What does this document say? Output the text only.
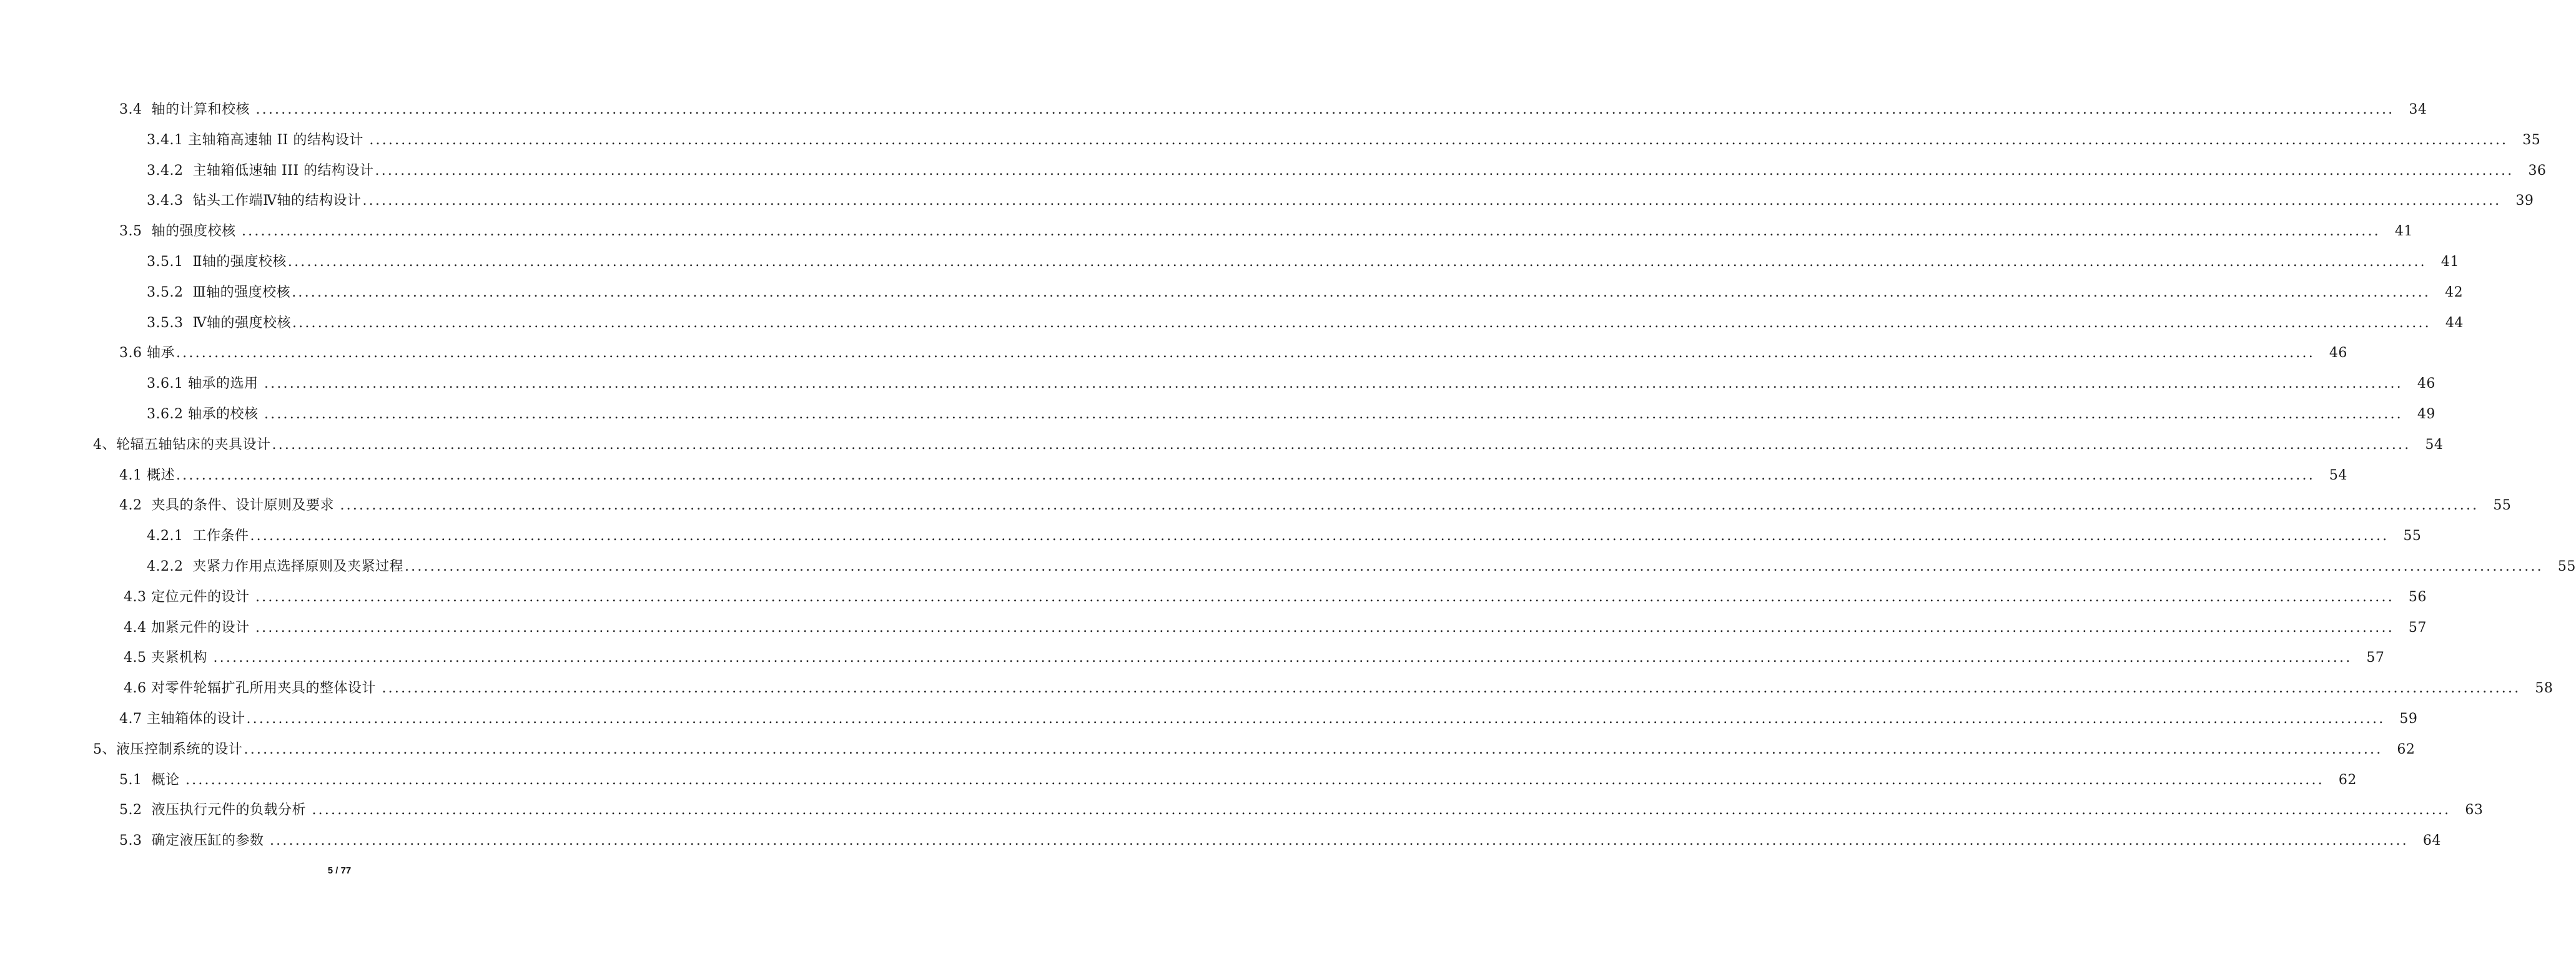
3.4  轴的计算和校核 ................................................................................................................................................................................................................................................................................................................................................	34
3.4.1 主轴箱高速轴 II 的结构设计 ................................................................................................................................................................................................................................................................................................................................................	35
3.4.2  主轴箱低速轴 III 的结构设计 ................................................................................................................................................................................................................................................................................................................................................	36
3.4.3  钻头工作端Ⅳ轴的结构设计 ................................................................................................................................................................................................................................................................................................................................................	39
3.5  轴的强度校核 ................................................................................................................................................................................................................................................................................................................................................	41
3.5.1  Ⅱ轴的强度校核 ................................................................................................................................................................................................................................................................................................................................................	41
3.5.2  Ⅲ轴的强度校核 ................................................................................................................................................................................................................................................................................................................................................	42
3.5.3  Ⅳ轴的强度校核 ................................................................................................................................................................................................................................................................................................................................................	44
3.6 轴承 ................................................................................................................................................................................................................................................................................................................................................	46
3.6.1 轴承的选用 ................................................................................................................................................................................................................................................................................................................................................	46
3.6.2 轴承的校核 ................................................................................................................................................................................................................................................................................................................................................	49
4、轮辐五轴钻床的夹具设计 ................................................................................................................................................................................................................................................................................................................................................	54
4.1 概述 ................................................................................................................................................................................................................................................................................................................................................	54
4.2  夹具的条件、设计原则及要求 ................................................................................................................................................................................................................................................................................................................................................	55
4.2.1  工作条件 ................................................................................................................................................................................................................................................................................................................................................	55
4.2.2  夹紧力作用点选择原则及夹紧过程 ................................................................................................................................................................................................................................................................................................................................................	55
4.3 定位元件的设计 ................................................................................................................................................................................................................................................................................................................................................	56
4.4 加紧元件的设计 ................................................................................................................................................................................................................................................................................................................................................	57
4.5 夹紧机构 ................................................................................................................................................................................................................................................................................................................................................	57
4.6 对零件轮辐扩孔所用夹具的整体设计 ................................................................................................................................................................................................................................................................................................................................................	58
4.7 主轴箱体的设计 ................................................................................................................................................................................................................................................................................................................................................	59
5、液压控制系统的设计 ................................................................................................................................................................................................................................................................................................................................................	62
5.1  概论 ................................................................................................................................................................................................................................................................................................................................................	62
5.2  液压执行元件的负载分析 ................................................................................................................................................................................................................................................................................................................................................	63
5.3  确定液压缸的参数 ................................................................................................................................................................................................................................................................................................................................................	64
5 / 77
